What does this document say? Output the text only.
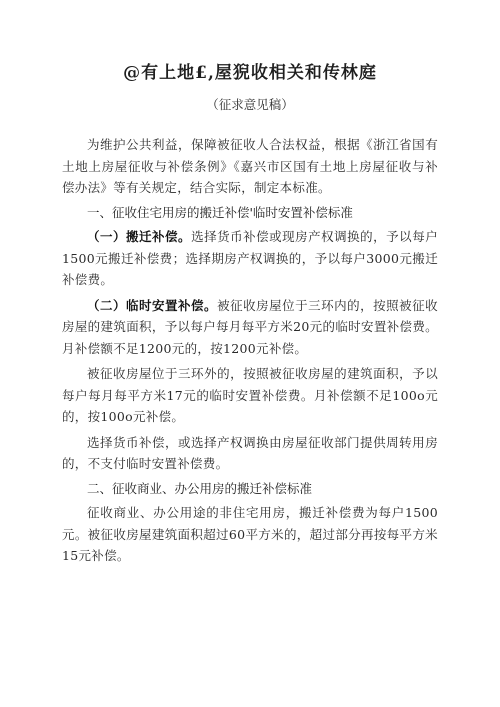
@有上地£,屋猊收相关和传林庭
（征求意见稿）

为维护公共利益，保障被征收人合法权益，根据《浙江省国有土地上房屋征收与补偿条例》《嘉兴市区国有土地上房屋征收与补偿办法》等有关规定，结合实际，制定本标准。

一、征收住宅用房的搬迁补偿'临时安置补偿标准

（一）搬迁补偿。选择货币补偿或现房产权调换的，予以每户1500元搬迁补偿费；选择期房产权调换的，予以每户3000元搬迁补偿费。

（二）临时安置补偿。被征收房屋位于三环内的，按照被征收房屋的建筑面积，予以每户每月每平方米20元的临时安置补偿费。月补偿额不足1200元的，按1200元补偿。

被征收房屋位于三环外的，按照被征收房屋的建筑面积，予以每户每月每平方米17元的临时安置补偿费。月补偿额不足100o元的，按100o元补偿。

选择货币补偿，或选择产权调换由房屋征收部门提供周转用房的，不支付临时安置补偿费。

二、征收商业、办公用房的搬迁补偿标准

征收商业、办公用途的非住宅用房，搬迁补偿费为每户1500元。被征收房屋建筑面积超过60平方米的，超过部分再按每平方米15元补偿。
